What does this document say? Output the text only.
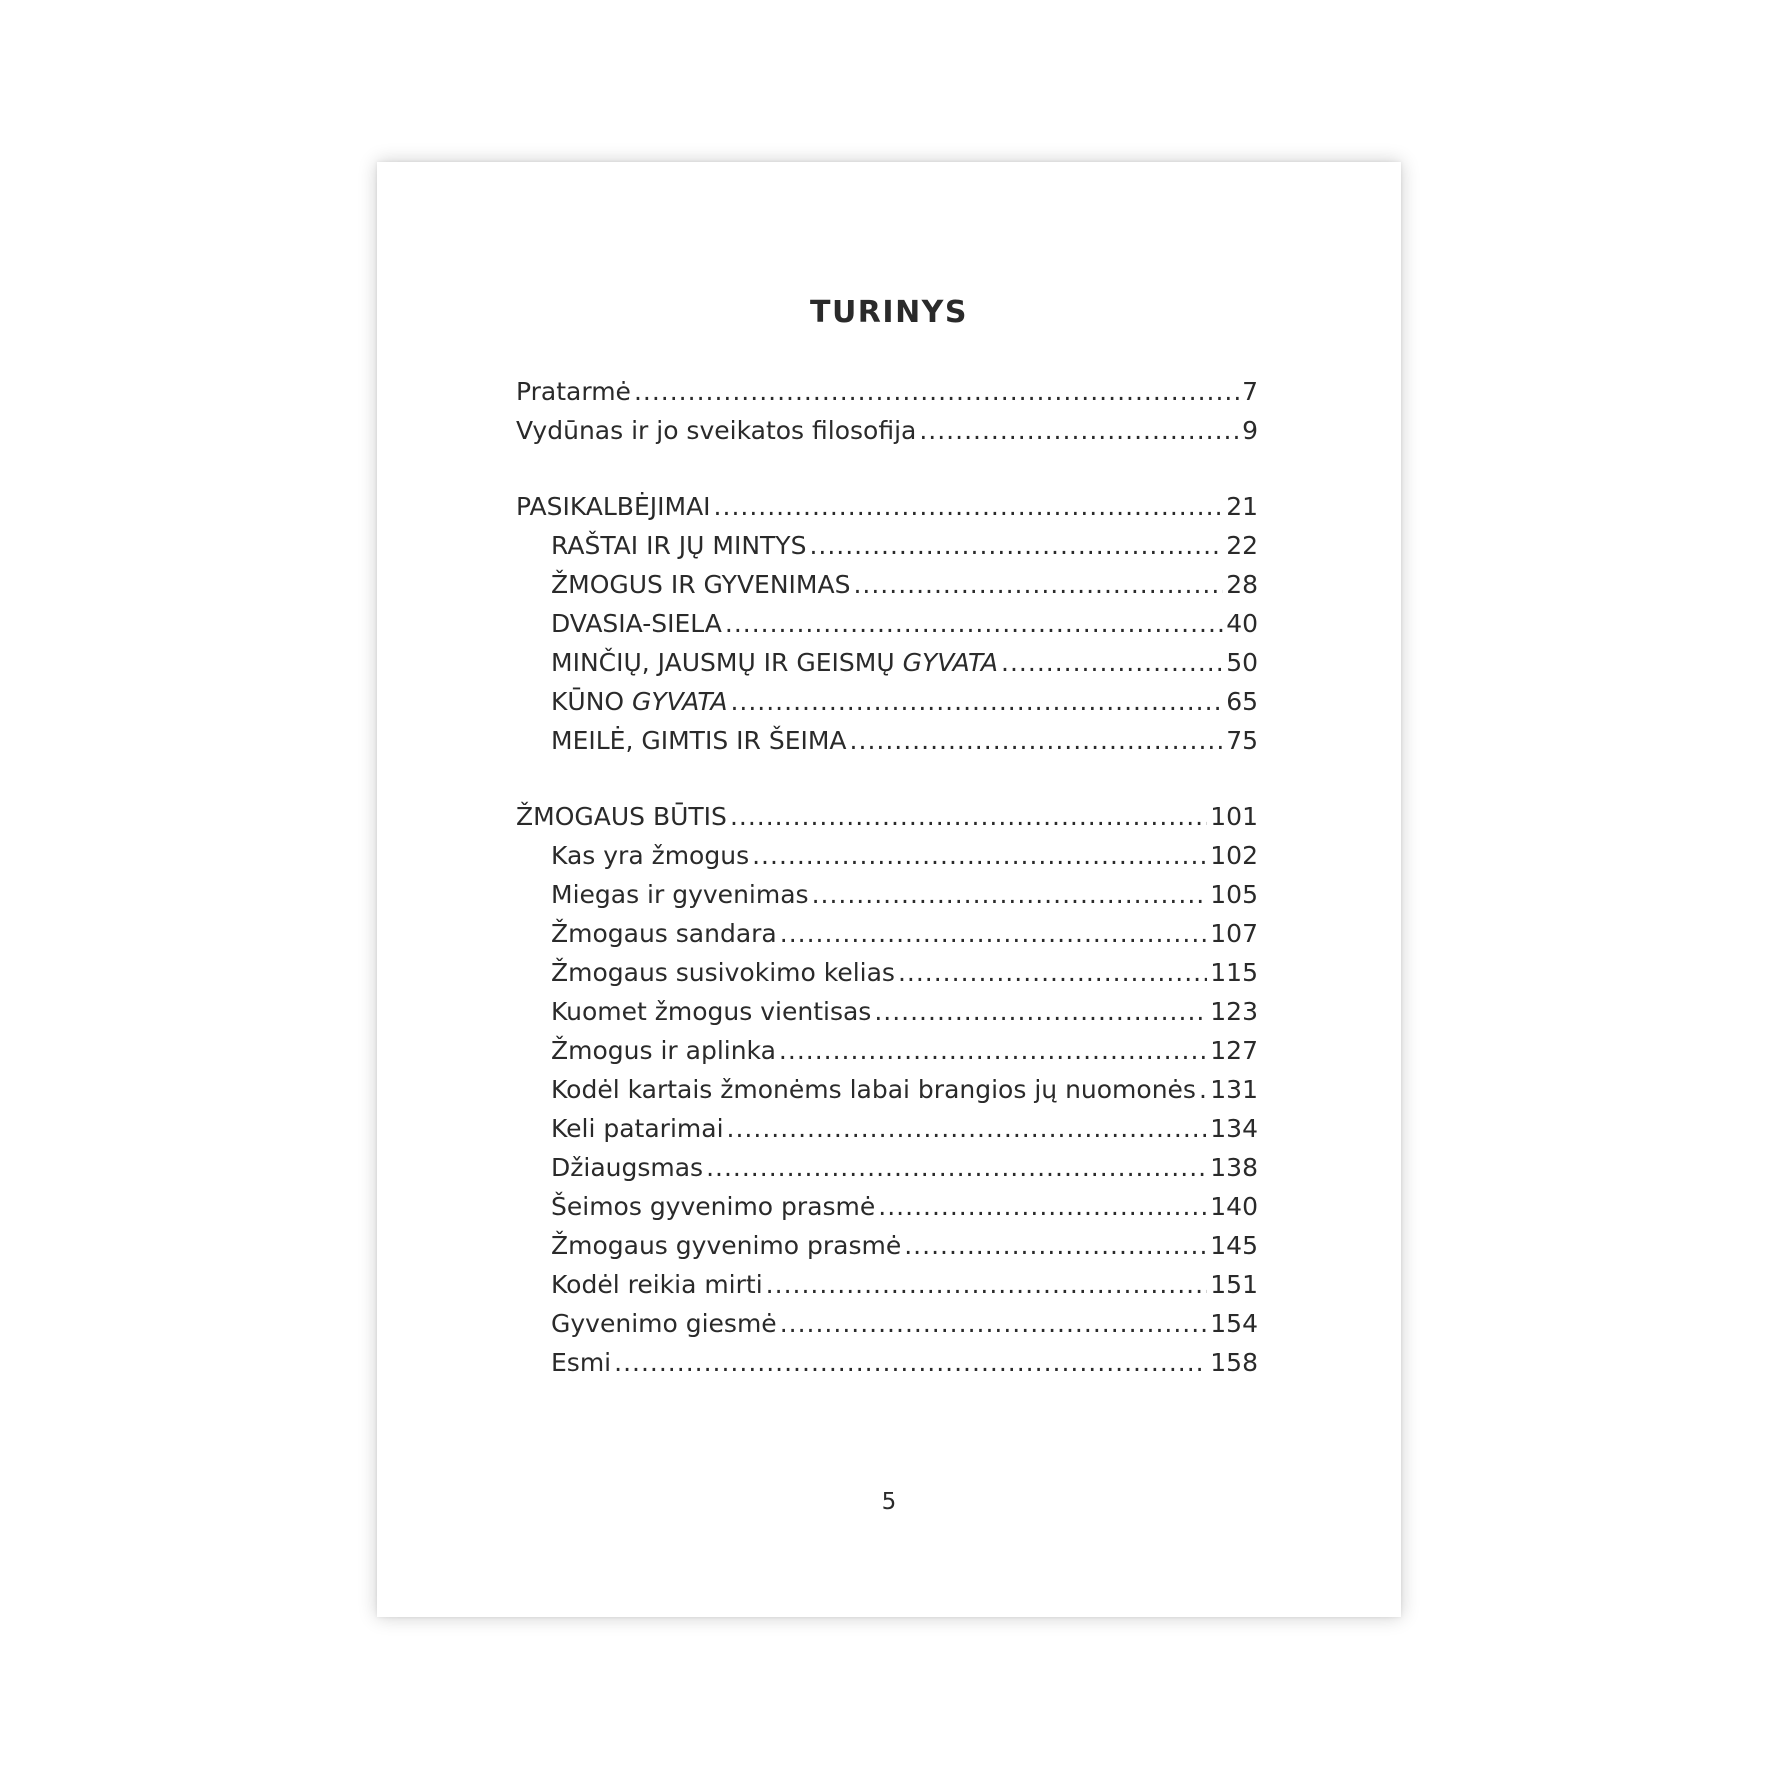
TURINYS
Pratarmė .....	7
Vydūnas ir jo sveikatos filosofija .....	9
PASIKALBĖJIMAI .....	21
RAŠTAI IR JŲ MINTYS .....	22
ŽMOGUS IR GYVENIMAS .....	28
DVASIA-SIELA .....	40
MINČIŲ, JAUSMŲ IR GEISMŲ GYVATA .....	50
KŪNO GYVATA .....	65
MEILĖ, GIMTIS IR ŠEIMA .....	75
ŽMOGAUS BŪTIS .....	101
Kas yra žmogus .....	102
Miegas ir gyvenimas .....	105
Žmogaus sandara .....	107
Žmogaus susivokimo kelias .....	115
Kuomet žmogus vientisas .....	123
Žmogus ir aplinka .....	127
Kodėl kartais žmonėms labai brangios jų nuomonės ..... 131
Keli patarimai .....	134
Džiaugsmas .....	138
Šeimos gyvenimo prasmė .....	140
Žmogaus gyvenimo prasmė .....	145
Kodėl reikia mirti .....	151
Gyvenimo giesmė .....	154
Esmi .....	158
5
